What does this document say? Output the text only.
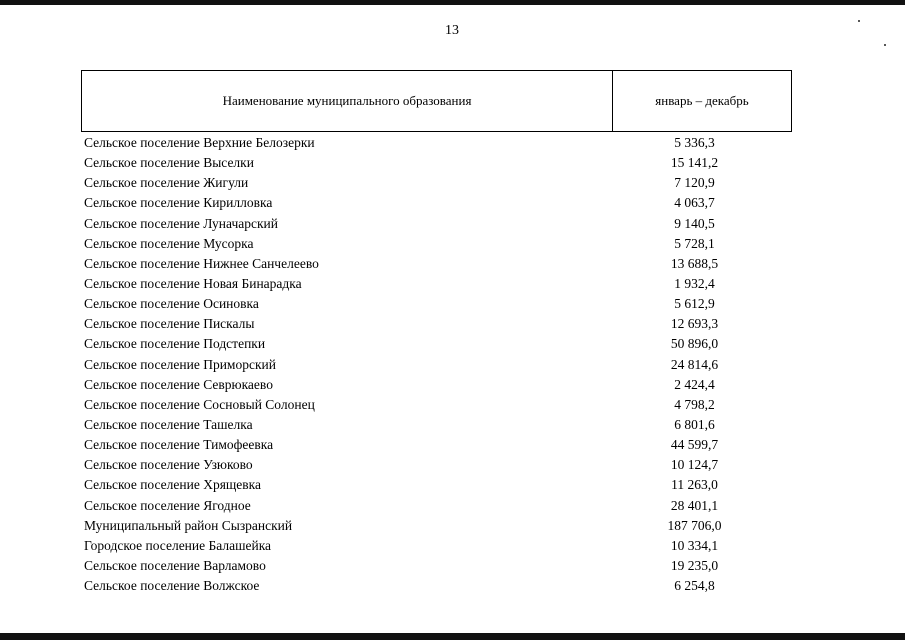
13
Наименование муниципального образования	январь – декабрь
Сельское поселение Верхние Белозерки	5 336,3
Сельское поселение Выселки	15 141,2
Сельское поселение Жигули	7 120,9
Сельское поселение Кирилловка	4 063,7
Сельское поселение Луначарский	9 140,5
Сельское поселение Мусорка	5 728,1
Сельское поселение Нижнее Санчелеево	13 688,5
Сельское поселение Новая Бинарадка	1 932,4
Сельское поселение Осиновка	5 612,9
Сельское поселение Пискалы	12 693,3
Сельское поселение Подстепки	50 896,0
Сельское поселение Приморский	24 814,6
Сельское поселение Севрюкаево	2 424,4
Сельское поселение Сосновый Солонец	4 798,2
Сельское поселение Ташелка	6 801,6
Сельское поселение Тимофеевка	44 599,7
Сельское поселение Узюково	10 124,7
Сельское поселение Хрящевка	11 263,0
Сельское поселение Ягодное	28 401,1
Муниципальный район Сызранский	187 706,0
Городское поселение Балашейка	10 334,1
Сельское поселение Варламово	19 235,0
Сельское поселение Волжское	6 254,8
